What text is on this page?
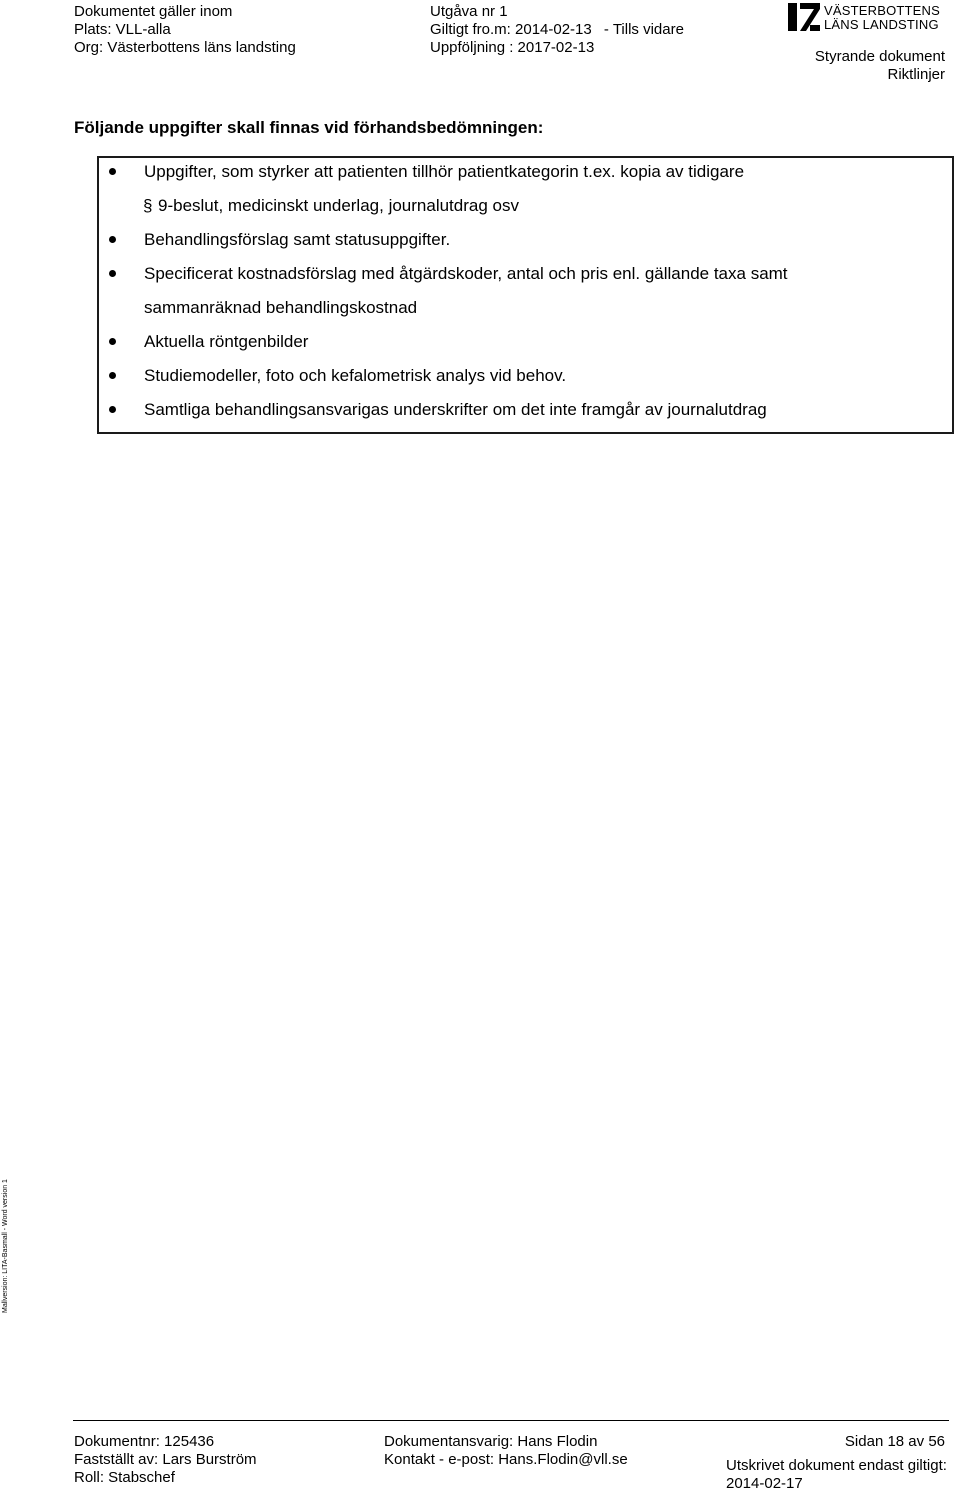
Dokumentet gäller inom
Plats: VLL-alla
Org: Västerbottens läns landsting
Utgåva nr 1
Giltigt fro.m: 2014-02-13 - Tills vidare
Uppföljning : 2017-02-13
VÄSTERBOTTENS
LÄNS LANDSTING
Styrande dokument
Riktlinjer
Följande uppgifter skall finnas vid förhandsbedömningen:
Uppgifter, som styrker att patienten tillhör patientkategorin t.ex. kopia av tidigare
§ 9-beslut, medicinskt underlag, journalutdrag osv
Behandlingsförslag samt statusuppgifter.
Specificerat kostnadsförslag med åtgärdskoder, antal och pris enl. gällande taxa samt
sammanräknad behandlingskostnad
Aktuella röntgenbilder
Studiemodeller, foto och kefalometrisk analys vid behov.
Samtliga behandlingsansvarigas underskrifter om det inte framgår av journalutdrag
Mallversion: LITA-Basmall - Word version 1
Dokumentnr: 125436
Fastställt av: Lars Burström
Roll: Stabschef
Dokumentansvarig: Hans Flodin
Kontakt - e-post: Hans.Flodin@vll.se
Sidan 18 av 56
Utskrivet dokument endast giltigt:
2014-02-17
